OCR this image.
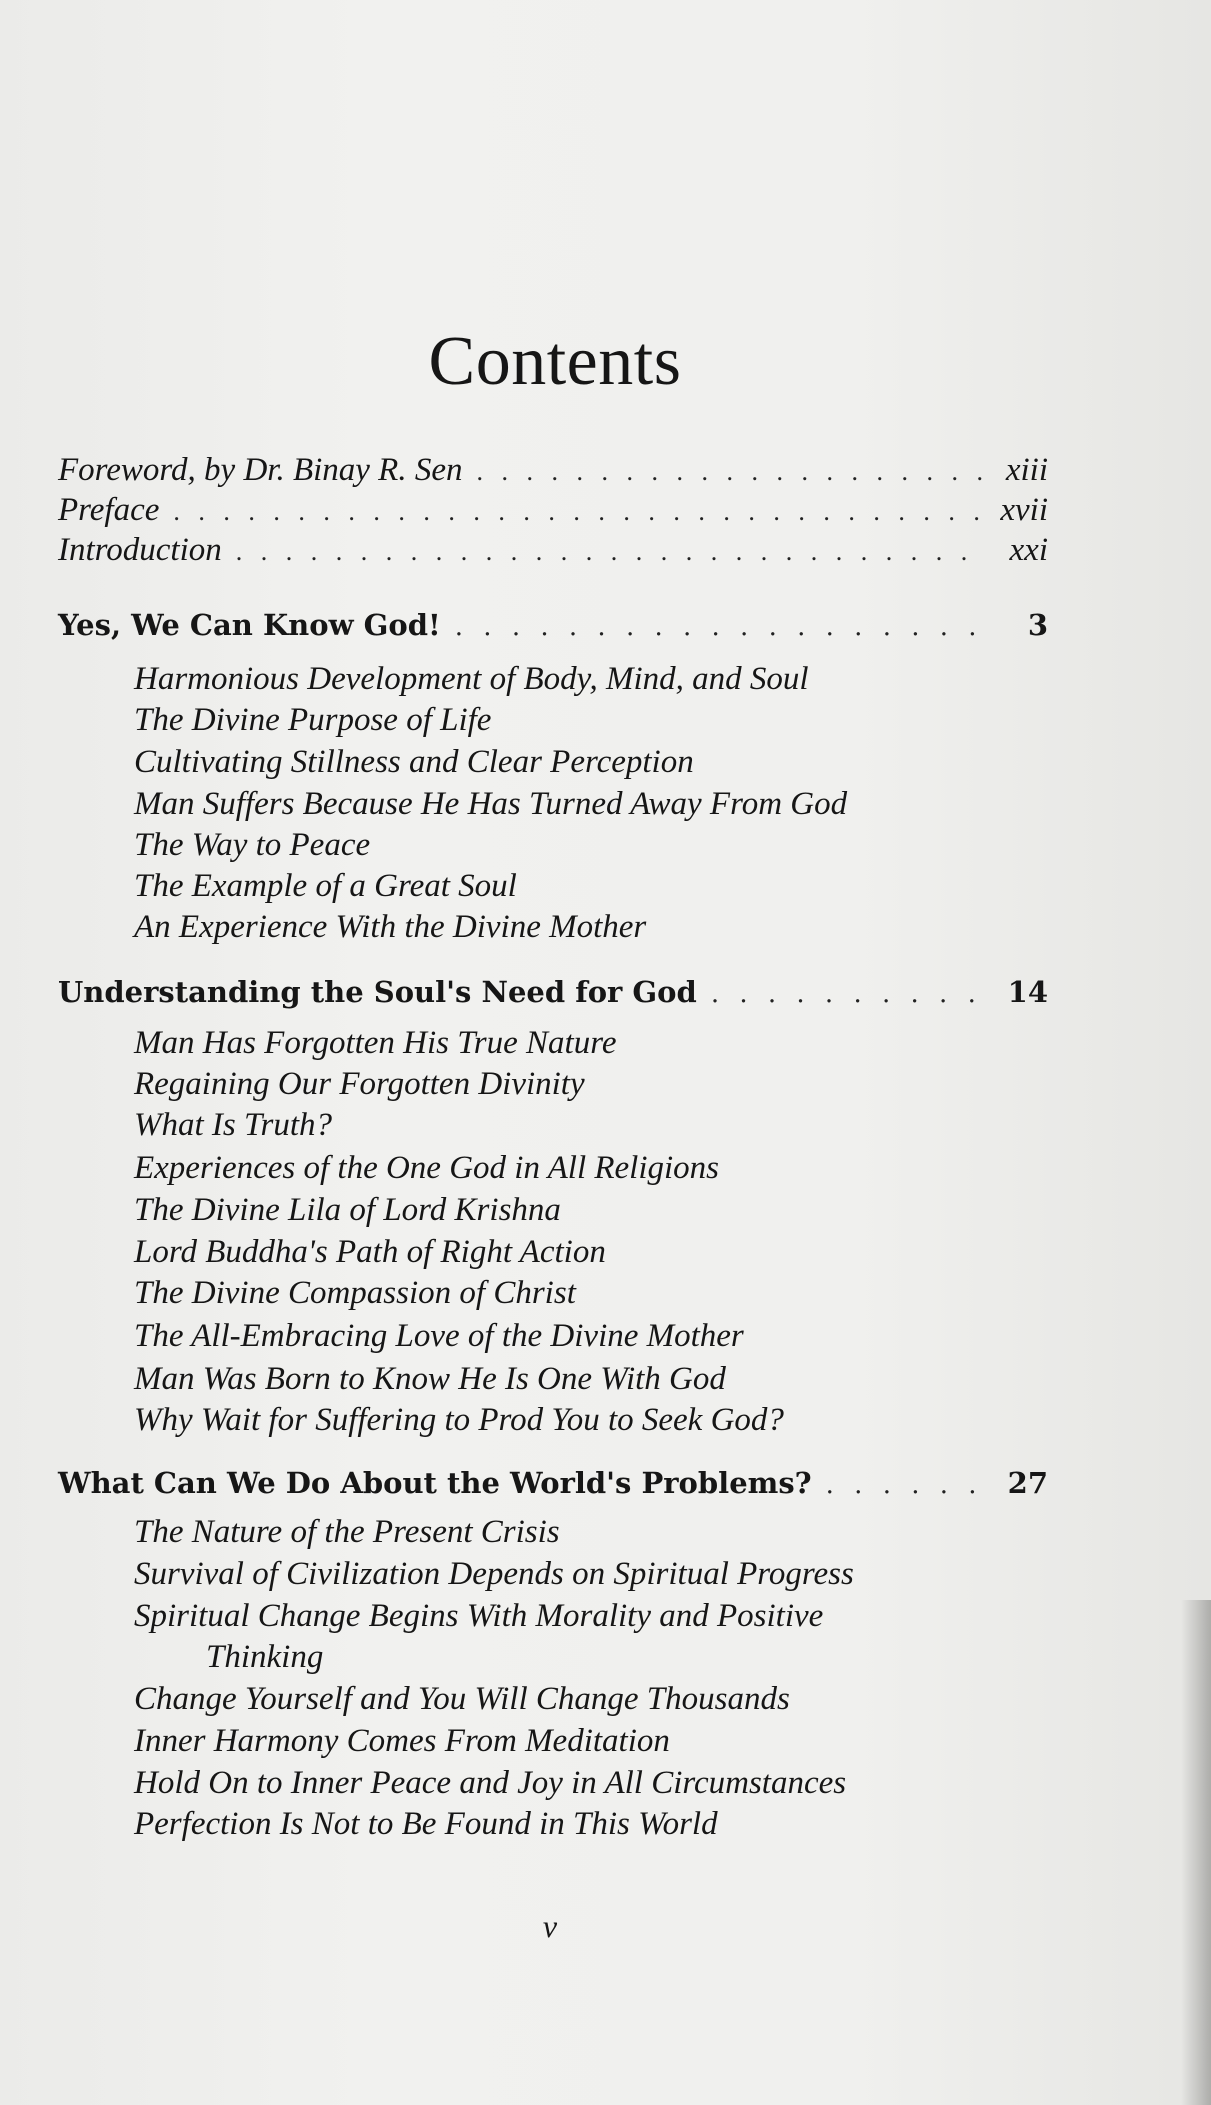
Contents
Foreword, by Dr. Binay R. Sen . . .	xiii
Preface . . .	xvii
Introduction . . .	xxi
Yes, We Can Know God! . . .	3
Harmonious Development of Body, Mind, and Soul
The Divine Purpose of Life
Cultivating Stillness and Clear Perception
Man Suffers Because He Has Turned Away From God
The Way to Peace
The Example of a Great Soul
An Experience With the Divine Mother
Understanding the Soul's Need for God . . .	14
Man Has Forgotten His True Nature
Regaining Our Forgotten Divinity
What Is Truth?
Experiences of the One God in All Religions
The Divine Lila of Lord Krishna
Lord Buddha's Path of Right Action
The Divine Compassion of Christ
The All-Embracing Love of the Divine Mother
Man Was Born to Know He Is One With God
Why Wait for Suffering to Prod You to Seek God?
What Can We Do About the World's Problems? . . .	27
The Nature of the Present Crisis
Survival of Civilization Depends on Spiritual Progress
Spiritual Change Begins With Morality and Positive
Thinking
Change Yourself and You Will Change Thousands
Inner Harmony Comes From Meditation
Hold On to Inner Peace and Joy in All Circumstances
Perfection Is Not to Be Found in This World
v
